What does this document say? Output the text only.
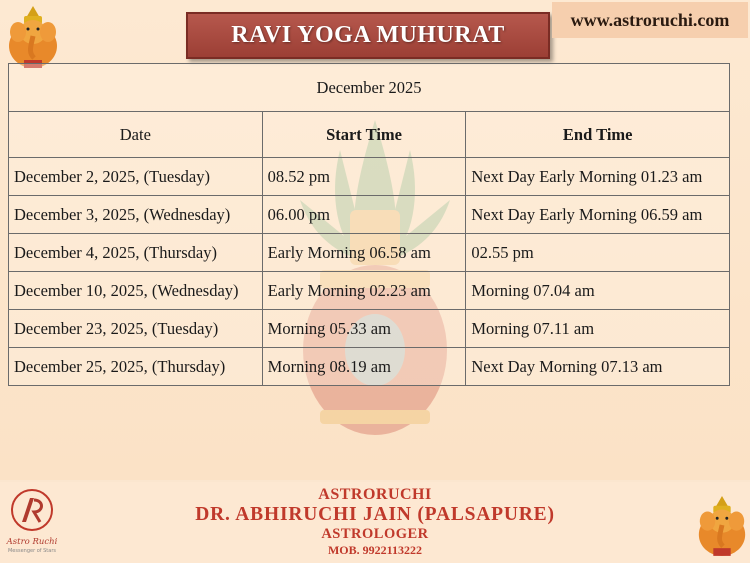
RAVI YOGA MUHURAT
www.astroruchi.com
December 2025		
Date	Start Time	End Time
December 2, 2025, (Tuesday)	08.52 pm	Next Day Early Morning 01.23 am
December 3, 2025, (Wednesday)	06.00 pm	Next Day Early Morning 06.59 am
December 4, 2025, (Thursday)	Early Morning 06.58 am	02.55 pm
December 10, 2025, (Wednesday)	Early Morning 02.23 am	Morning 07.04 am
December 23, 2025, (Tuesday)	Morning 05.33 am	Morning 07.11 am
December 25, 2025, (Thursday)	Morning 08.19 am	Next Day Morning 07.13 am
ASTRORUCHI
DR. ABHIRUCHI JAIN (PALSAPURE)
ASTROLOGER
MOB. 9922113222
Astro Ruchi
Messenger of Stars
